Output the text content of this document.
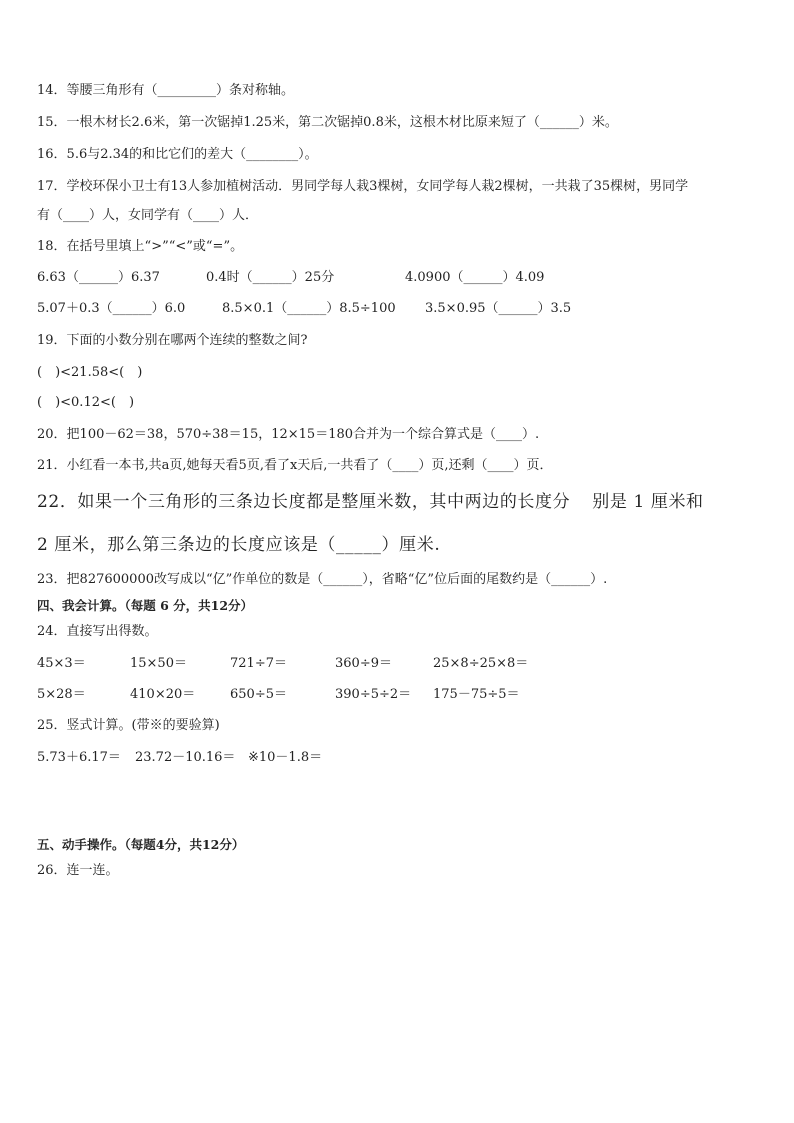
14．等腰三角形有（_________）条对称轴。
15．一根木材长2.6米，第一次锯掉1.25米，第二次锯掉0.8米，这根木材比原来短了（______）米。
16．5.6与2.34的和比它们的差大（________）。
17．学校环保小卫士有13人参加植树活动．男同学每人栽3棵树，女同学每人栽2棵树，一共栽了35棵树，男同学
有（____）人，女同学有（____）人．
18．在括号里填上“>”“<”或“=”。
6.63（______）6.37	0.4时（______）25分	4.0900（______）4.09
5.07＋0.3（______）6.0	8.5×0.1（______）8.5÷100 3.5×0.95（______）3.5
19．下面的小数分别在哪两个连续的整数之间?
(　)<21.58<(　)
(　)<0.12<(　)
20．把100－62＝38，570÷38＝15，12×15＝180合并为一个综合算式是（____）.
21．小红看一本书,共a页,她每天看5页,看了x天后,一共看了（____）页,还剩（____）页．
22．如果一个三角形的三条边长度都是整厘米数，其中两边的长度分 别是 1 厘米和
2 厘米，那么第三条边的长度应该是（_____）厘米.
23．把827600000改写成以“亿”作单位的数是（______），省略“亿”位后面的尾数约是（______）.
四、我会计算。（每题 6 分，共12分）
24．直接写出得数。
45×3＝	15×50＝	721÷7＝	360÷9＝	25×8÷25×8＝
5×28＝	410×20＝	650÷5＝	390÷5÷2＝ 175－75÷5＝
25．竖式计算。(带※的要验算)
5.73＋6.17＝ 23.72－10.16＝ ※10－1.8＝
五、动手操作。（每题4分，共12分）
26．连一连。
